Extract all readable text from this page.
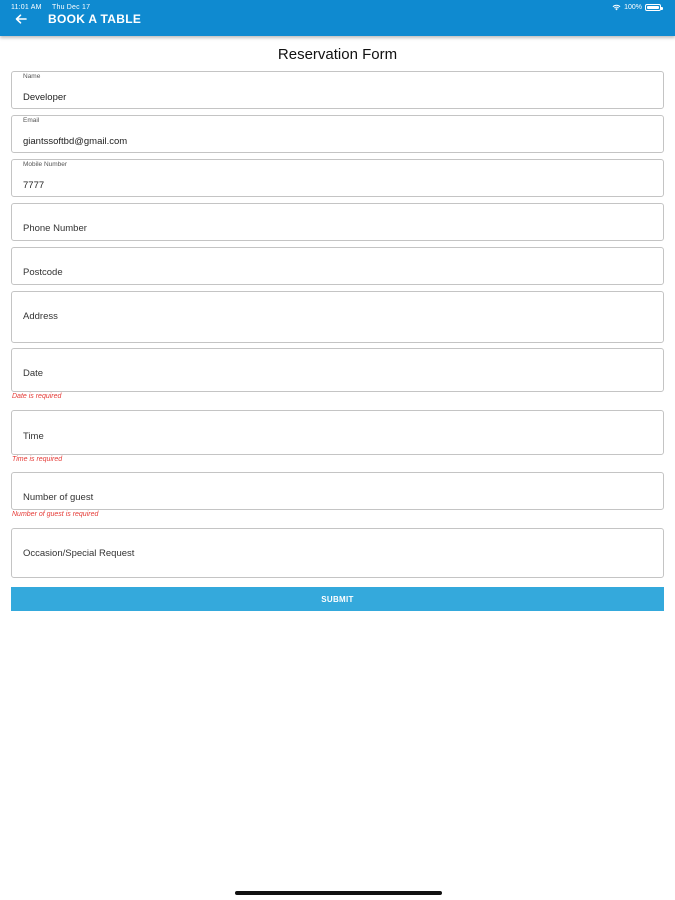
11:01 AM Thu Dec 17	100%
BOOK A TABLE
Reservation Form
Name
Developer
Email
giantssoftbd@gmail.com
Mobile Number
7777
Phone Number
Postcode
Address
Date
Date is required
Time
Time is required
Number of guest
Number of guest is required
Occasion/Special Request
SUBMIT
